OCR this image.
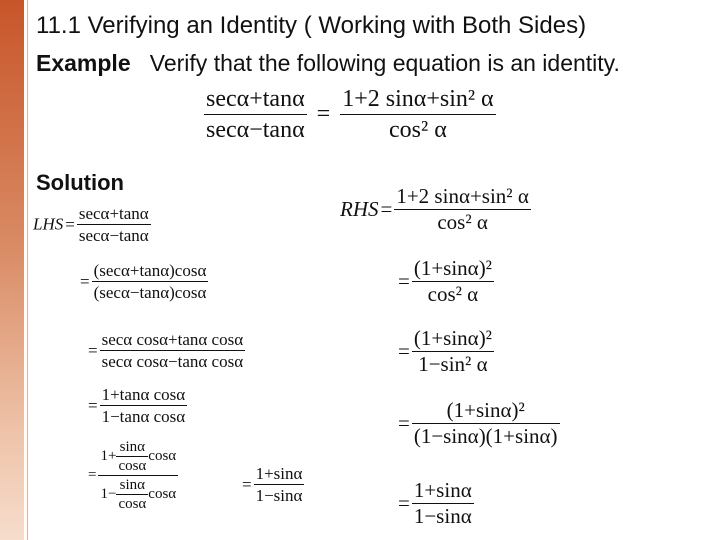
11.1 Verifying an Identity ( Working with Both Sides)
Example Verify that the following equation is an identity.
$\frac{\sec\alpha+\tan\alpha}{\sec\alpha-\tan\alpha} = \frac{\text{1+2 sinα+sin² α}}{\text{cos² α}}$
Solution
LHS = $\frac{\sec\alpha+\tan\alpha}{\sec\alpha-\tan\alpha}$
= $\frac{(\sec\alpha+\tan\alpha)\cos\alpha}{(\sec\alpha-\tan\alpha)\cos\alpha}$
= $\frac{\text{secα cosα+tanα cosα}}{\text{secα cosα−tanα cosα}}$
= $\frac{\text{1+tanα cosα}}{\text{1−tanα cosα}}$
= $\frac{1+ \frac{\sin\alpha}{\cos\alpha} \cos\alpha}{1- \frac{\sin\alpha}{\cos\alpha} \cos\alpha}$	= $\frac{1+\sin\alpha}{1-\sin\alpha}$
$RHS= \frac{\text{1+2 sinα+sin² α}}{\text{cos² α}}$
= $\frac{\text{(1+sinα)²}}{\text{cos² α}}$
= $\frac{\text{(1+sinα)²}}{\text{1−sin² α}}$
= $\frac{\text{(1+sinα)²}}{(1-\sin\alpha)(1+\sin\alpha)}$
= $\frac{1+\sin\alpha}{1-\sin\alpha}$
